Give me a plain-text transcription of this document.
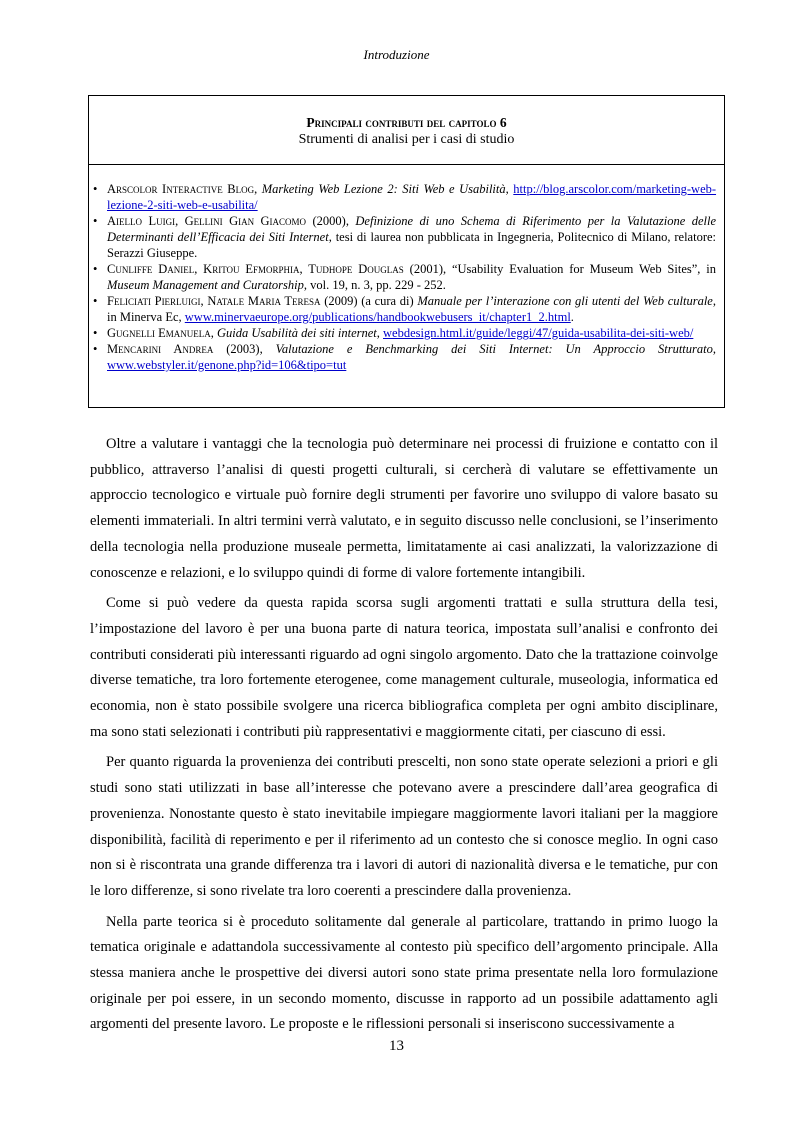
Introduzione
Principali contributi del capitolo 6
Strumenti di analisi per i casi di studio
• Arscolor Interactive Blog, Marketing Web Lezione 2: Siti Web e Usabilità, http://blog.arscolor.com/marketing-web-lezione-2-siti-web-e-usabilita/
• Aiello Luigi, Gellini Gian Giacomo (2000), Definizione di uno Schema di Riferimento per la Valutazione delle Determinanti dell’Efficacia dei Siti Internet, tesi di laurea non pubblicata in Ingegneria, Politecnico di Milano, relatore: Serazzi Giuseppe.
• Cunliffe Daniel, Kritou Efmorphia, Tudhope Douglas (2001), “Usability Evaluation for Museum Web Sites”, in Museum Management and Curatorship, vol. 19, n. 3, pp. 229 - 252.
• Feliciati Pierluigi, Natale Maria Teresa (2009) (a cura di) Manuale per l’interazione con gli utenti del Web culturale, in Minerva Ec, www.minervaeurope.org/publications/handbookwebusers_it/chapter1_2.html.
• Gugnelli Emanuela, Guida Usabilità dei siti internet, webdesign.html.it/guide/leggi/47/guida-usabilita-dei-siti-web/
• Mencarini Andrea (2003), Valutazione e Benchmarking dei Siti Internet: Un Approccio Strutturato, www.webstyler.it/genone.php?id=106&tipo=tut

Oltre a valutare i vantaggi che la tecnologia può determinare nei processi di fruizione e contatto con il pubblico, attraverso l’analisi di questi progetti culturali, si cercherà di valutare se effettivamente un approccio tecnologico e virtuale può fornire degli strumenti per favorire uno sviluppo di valore basato su elementi immateriali. In altri termini verrà valutato, e in seguito discusso nelle conclusioni, se l’inserimento della tecnologia nella produzione museale permetta, limitatamente ai casi analizzati, la valorizzazione di conoscenze e relazioni, e lo sviluppo quindi di forme di valore fortemente intangibili.

Come si può vedere da questa rapida scorsa sugli argomenti trattati e sulla struttura della tesi, l’impostazione del lavoro è per una buona parte di natura teorica, impostata sull’analisi e confronto dei contributi considerati più interessanti riguardo ad ogni singolo argomento. Dato che la trattazione coinvolge diverse tematiche, tra loro fortemente eterogenee, come management culturale, museologia, informatica ed economia, non è stato possibile svolgere una ricerca bibliografica completa per ogni ambito disciplinare, ma sono stati selezionati i contributi più rappresentativi e maggiormente citati, per ciascuno di essi.

Per quanto riguarda la provenienza dei contributi prescelti, non sono state operate selezioni a priori e gli studi sono stati utilizzati in base all’interesse che potevano avere a prescindere dall’area geografica di provenienza. Nonostante questo è stato inevitabile impiegare maggiormente lavori italiani per la maggiore disponibilità, facilità di reperimento e per il riferimento ad un contesto che si conosce meglio. In ogni caso non si è riscontrata una grande differenza tra i lavori di autori di nazionalità diversa e le tematiche, pur con le loro differenze, si sono rivelate tra loro coerenti a prescindere dalla provenienza.

Nella parte teorica si è proceduto solitamente dal generale al particolare, trattando in primo luogo la tematica originale e adattandola successivamente al contesto più specifico dell’argomento principale. Alla stessa maniera anche le prospettive dei diversi autori sono state prima presentate nella loro formulazione originale per poi essere, in un secondo momento, discusse in rapporto ad un possibile adattamento agli argomenti del presente lavoro. Le proposte e le riflessioni personali si inseriscono successivamente a

13
